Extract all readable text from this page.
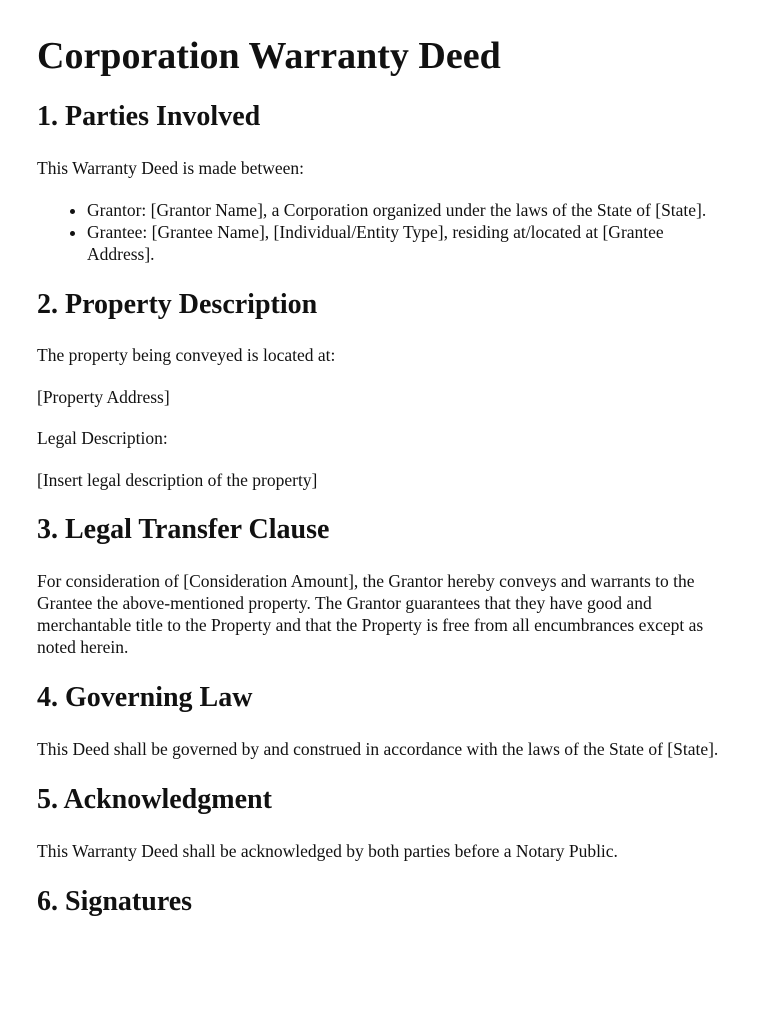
Corporation Warranty Deed
1. Parties Involved

This Warranty Deed is made between:

• Grantor: [Grantor Name], a Corporation organized under the laws of the State of [State].
• Grantee: [Grantee Name], [Individual/Entity Type], residing at/located at [Grantee Address].
2. Property Description

The property being conveyed is located at:

[Property Address]

Legal Description:

[Insert legal description of the property]

3. Legal Transfer Clause

For consideration of [Consideration Amount], the Grantor hereby conveys and warrants to the Grantee the above-mentioned property. The Grantor guarantees that they have good and merchantable title to the Property and that the Property is free from all encumbrances except as noted herein.

4. Governing Law

This Deed shall be governed by and construed in accordance with the laws of the State of [State].

5. Acknowledgment

This Warranty Deed shall be acknowledged by both parties before a Notary Public.

6. Signatures
